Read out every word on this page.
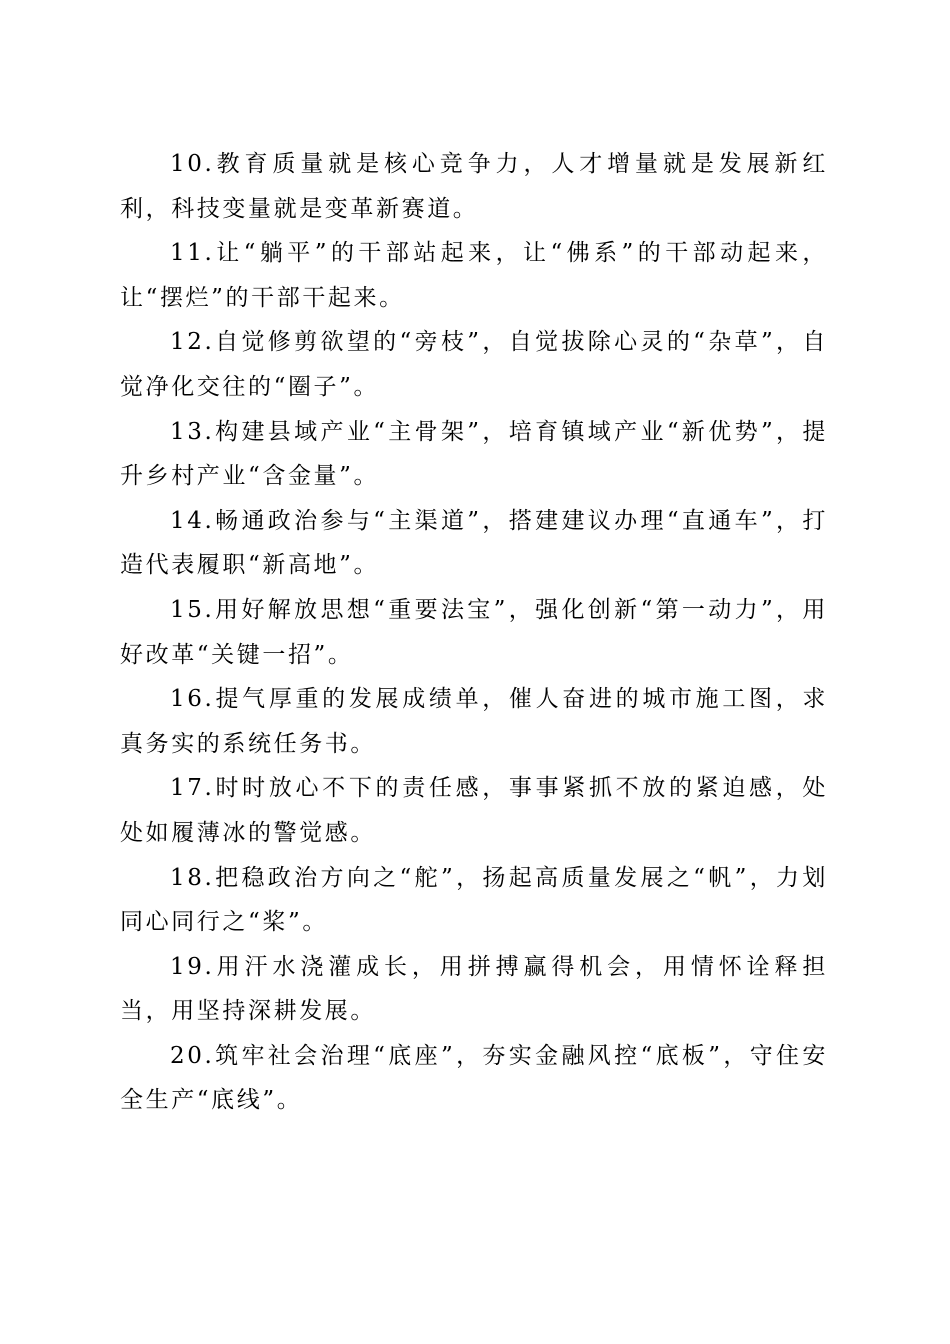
10.教育质量就是核心竞争力，人才增量就是发展新红利，科技变量就是变革新赛道。

11.让“躺平”的干部站起来，让“佛系”的干部动起来，让“摆烂”的干部干起来。

12.自觉修剪欲望的“旁枝”，自觉拔除心灵的“杂草”，自觉净化交往的“圈子”。

13.构建县域产业“主骨架”，培育镇域产业“新优势”，提升乡村产业“含金量”。

14.畅通政治参与“主渠道”，搭建建议办理“直通车”，打造代表履职“新高地”。

15.用好解放思想“重要法宝”，强化创新“第一动力”，用好改革“关键一招”。

16.提气厚重的发展成绩单，催人奋进的城市施工图，求真务实的系统任务书。

17.时时放心不下的责任感，事事紧抓不放的紧迫感，处处如履薄冰的警觉感。

18.把稳政治方向之“舵”，扬起高质量发展之“帆”，力划同心同行之“桨”。

19.用汗水浇灌成长，用拼搏赢得机会，用情怀诠释担当，用坚持深耕发展。

20.筑牢社会治理“底座”，夯实金融风控“底板”，守住安全生产“底线”。
